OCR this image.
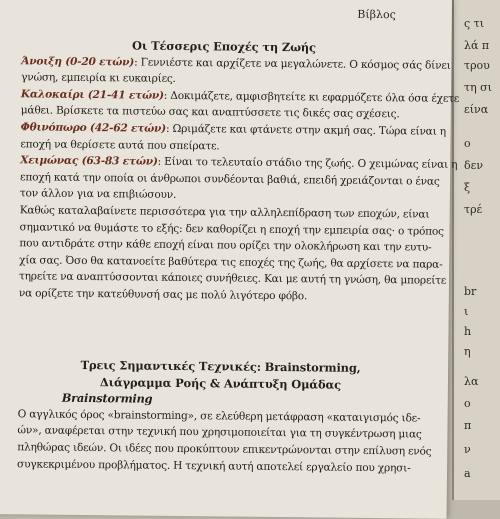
ς τι
λά π
τρου
τη σι
είνα
ο
δεν
ξ
τρέ
br
ι
h
η
λα
ο
π
ν
a
Βίβλος
Οι Τέσσερις Εποχές τη Ζωής
Άνοιξη (0-20 ετών): Γεννιέστε και αρχίζετε να μεγαλώνετε. Ο κόσμος σάς δίνει
γνώση, εμπειρία κι ευκαιρίες.
Καλοκαίρι (21-41 ετών): Δοκιμάζετε, αμφισβητείτε κι εφαρμόζετε όλα όσα έχετε
μάθει. Βρίσκετε τα πιστεύω σας και αναπτύσσετε τις δικές σας σχέσεις.
Φθινόπωρο (42-62 ετών): Ωριμάζετε και φτάνετε στην ακμή σας. Τώρα είναι η
εποχή να θερίσετε αυτά που σπείρατε.
Χειμώνας (63-83 ετών): Είναι το τελευταίο στάδιο της ζωής. Ο χειμώνας είναι η
εποχή κατά την οποία οι άνθρωποι συνδέονται βαθιά, επειδή χρειάζονται ο ένας
τον άλλον για να επιβιώσουν.
Καθώς καταλαβαίνετε περισσότερα για την αλληλεπίδραση των εποχών, είναι
σημαντικό να θυμάστε το εξής: δεν καθορίζει η εποχή την εμπειρία σας· ο τρόπος
που αντιδράτε στην κάθε εποχή είναι που ορίζει την ολοκλήρωση και την ευτυ-
χία σας. Όσο θα κατανοείτε βαθύτερα τις εποχές της ζωής, θα αρχίσετε να παρα-
τηρείτε να αναπτύσσονται κάποιες συνήθειες. Και με αυτή τη γνώση, θα μπορείτε
να ορίζετε την κατεύθυνσή σας με πολύ λιγότερο φόβο.
Τρεις Σημαντικές Τεχνικές: Brainstorming,
Διάγραμμα Ροής & Ανάπτυξη Ομάδας
Brainstorming
Ο αγγλικός όρος «brainstorming», σε ελεύθερη μετάφραση «καταιγισμός ιδε-
ών», αναφέρεται στην τεχνική που χρησιμοποιείται για τη συγκέντρωση μιας
πληθώρας ιδεών. Οι ιδέες που προκύπτουν επικεντρώνονται στην επίλυση ενός
συγκεκριμένου προβλήματος. Η τεχνική αυτή αποτελεί εργαλείο που χρησι-
